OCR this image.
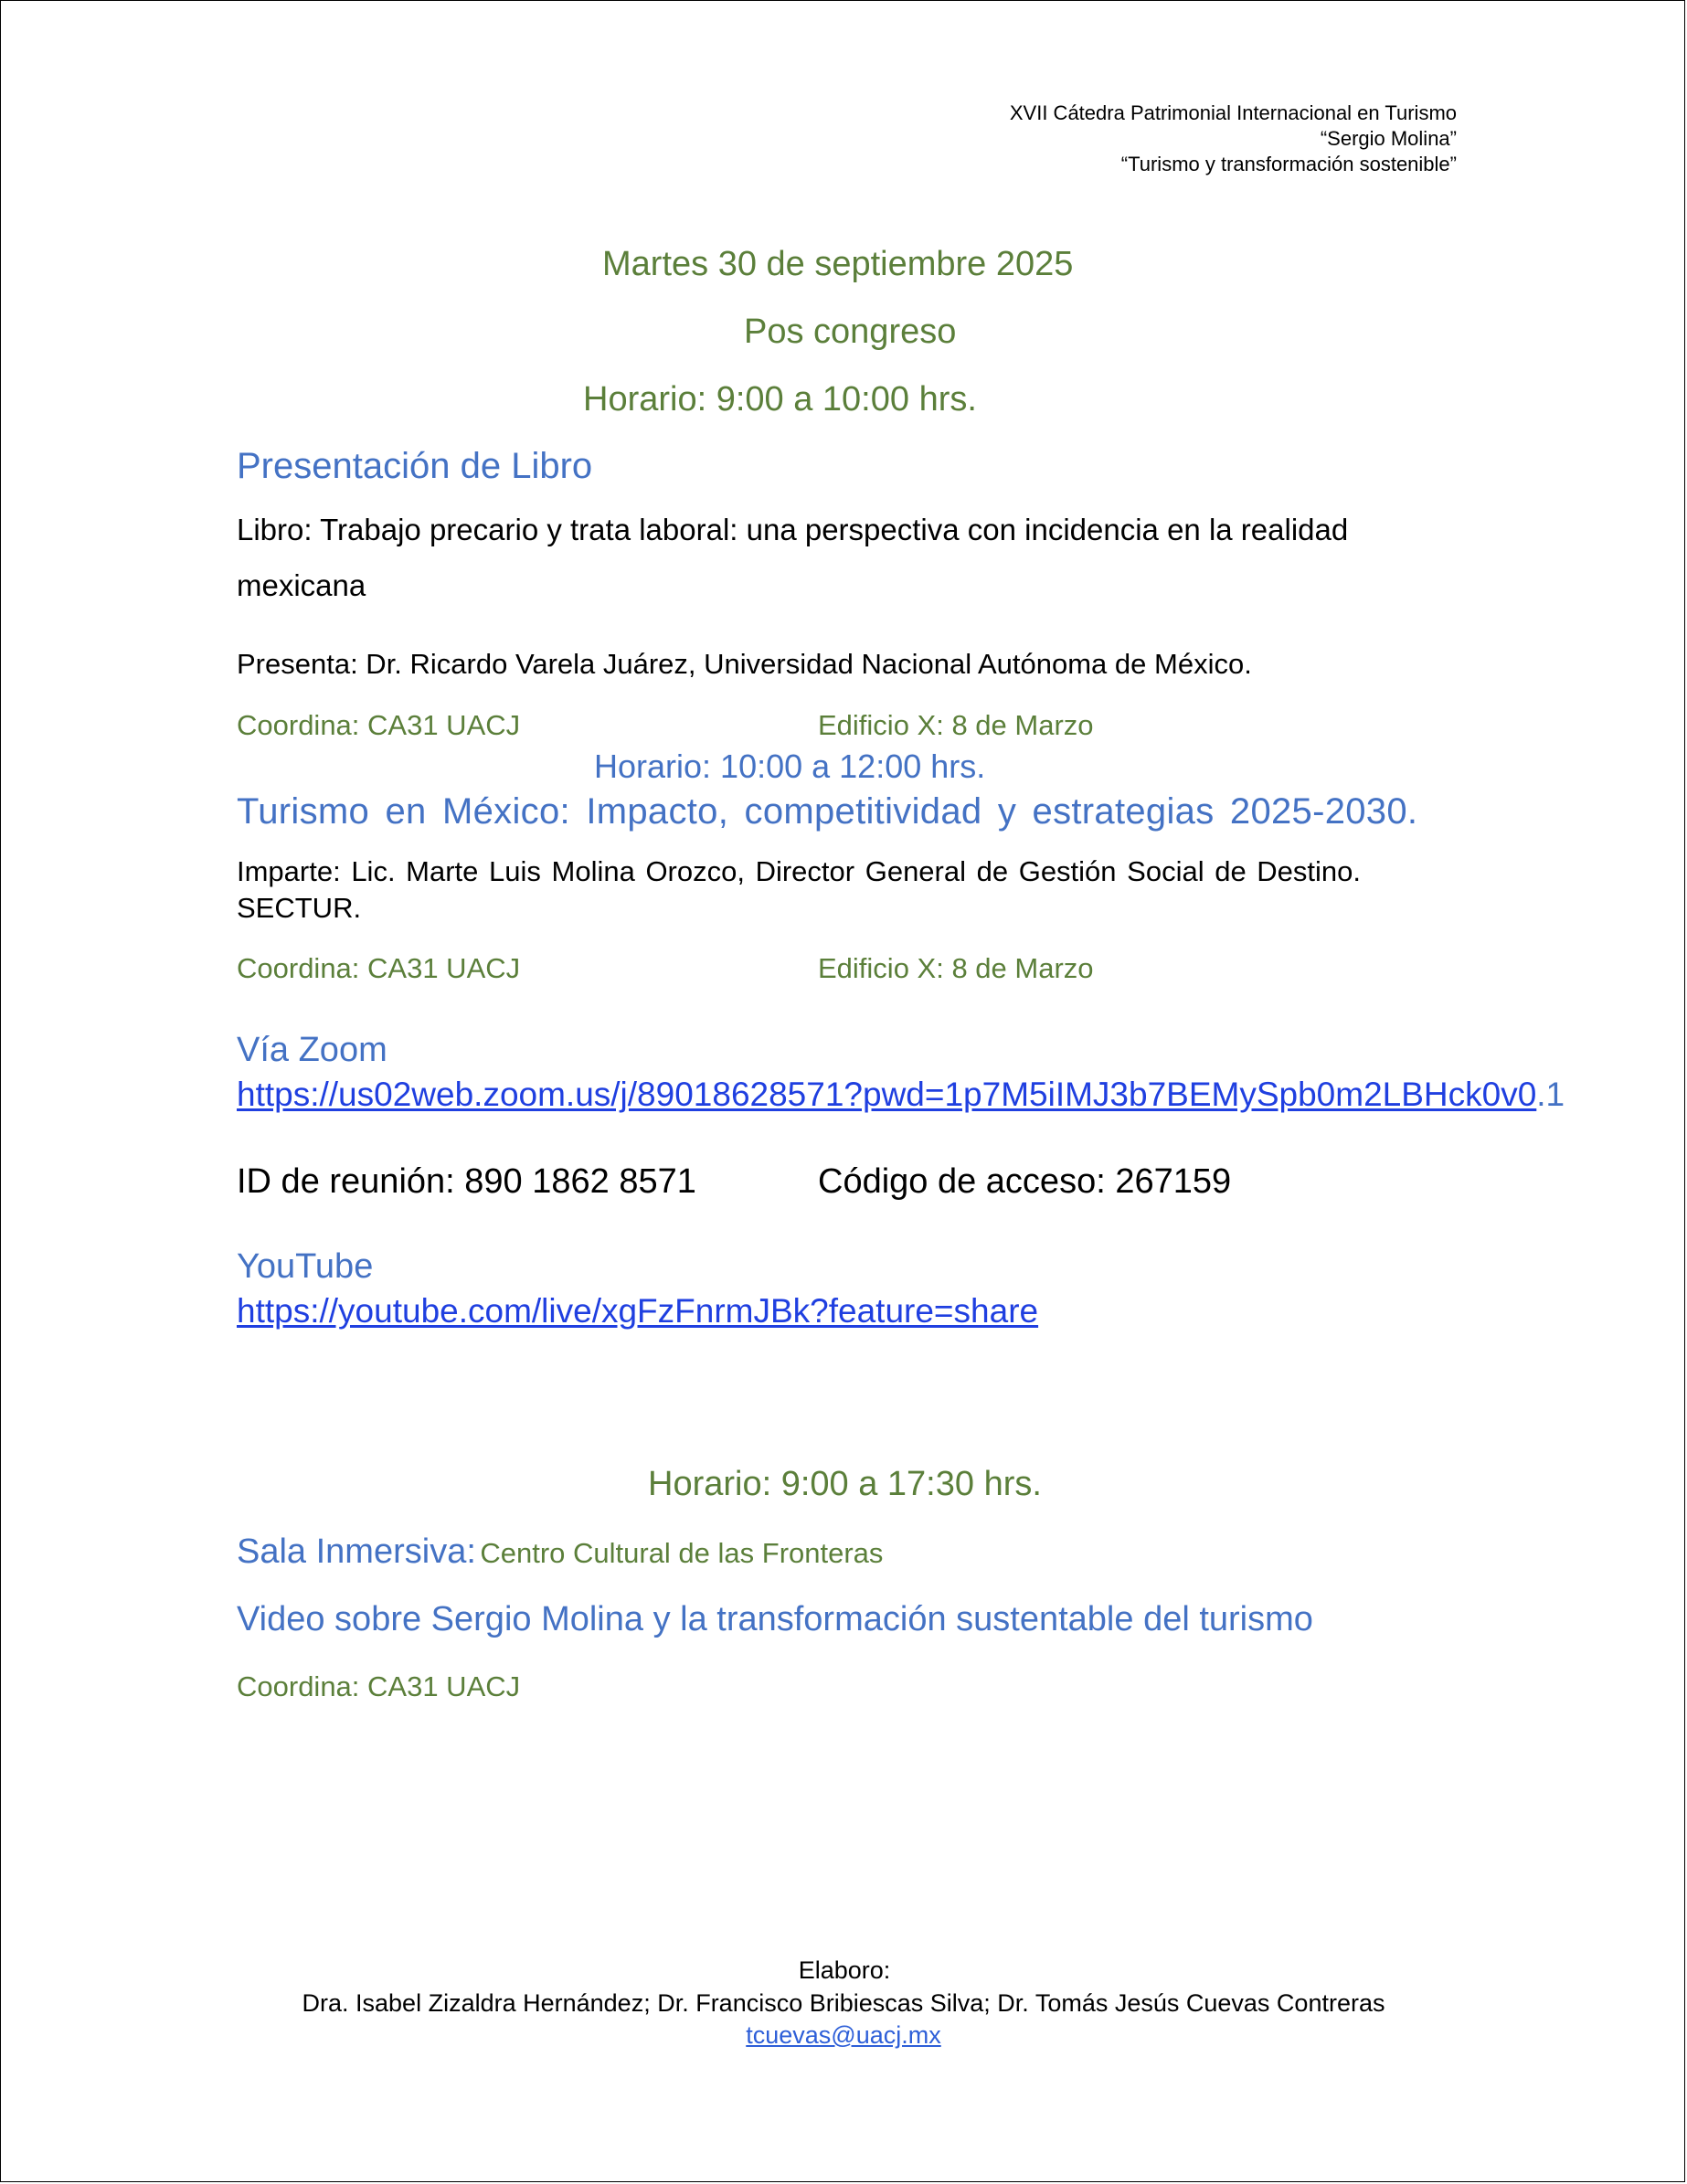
XVII Cátedra Patrimonial Internacional en Turismo
“Sergio Molina”
“Turismo y transformación sostenible”
Martes 30 de septiembre 2025
Pos congreso
Horario: 9:00 a 10:00 hrs.
Presentación de Libro
Libro: Trabajo precario y trata laboral: una perspectiva con incidencia en la realidad
mexicana
Presenta: Dr. Ricardo Varela Juárez, Universidad Nacional Autónoma de México.
Coordina: CA31 UACJ	Edificio X: 8 de Marzo
Horario: 10:00 a 12:00 hrs.
Turismo en México: Impacto, competitividad y estrategias 2025-2030.
Imparte: Lic. Marte Luis Molina Orozco, Director General de Gestión Social de Destino.
SECTUR.
Coordina: CA31 UACJ	Edificio X: 8 de Marzo
Vía Zoom
https://us02web.zoom.us/j/89018628571?pwd=1p7M5iIMJ3b7BEMySpb0m2LBHck0v0.1
ID de reunión: 890 1862 8571	Código de acceso: 267159
YouTube
https://youtube.com/live/xgFzFnrmJBk?feature=share
Horario: 9:00 a 17:30 hrs.
Sala Inmersiva: Centro Cultural de las Fronteras
Video sobre Sergio Molina y la transformación sustentable del turismo
Coordina: CA31 UACJ
Elaboro:
Dra. Isabel Zizaldra Hernández; Dr. Francisco Bribiescas Silva; Dr. Tomás Jesús Cuevas Contreras
tcuevas@uacj.mx
